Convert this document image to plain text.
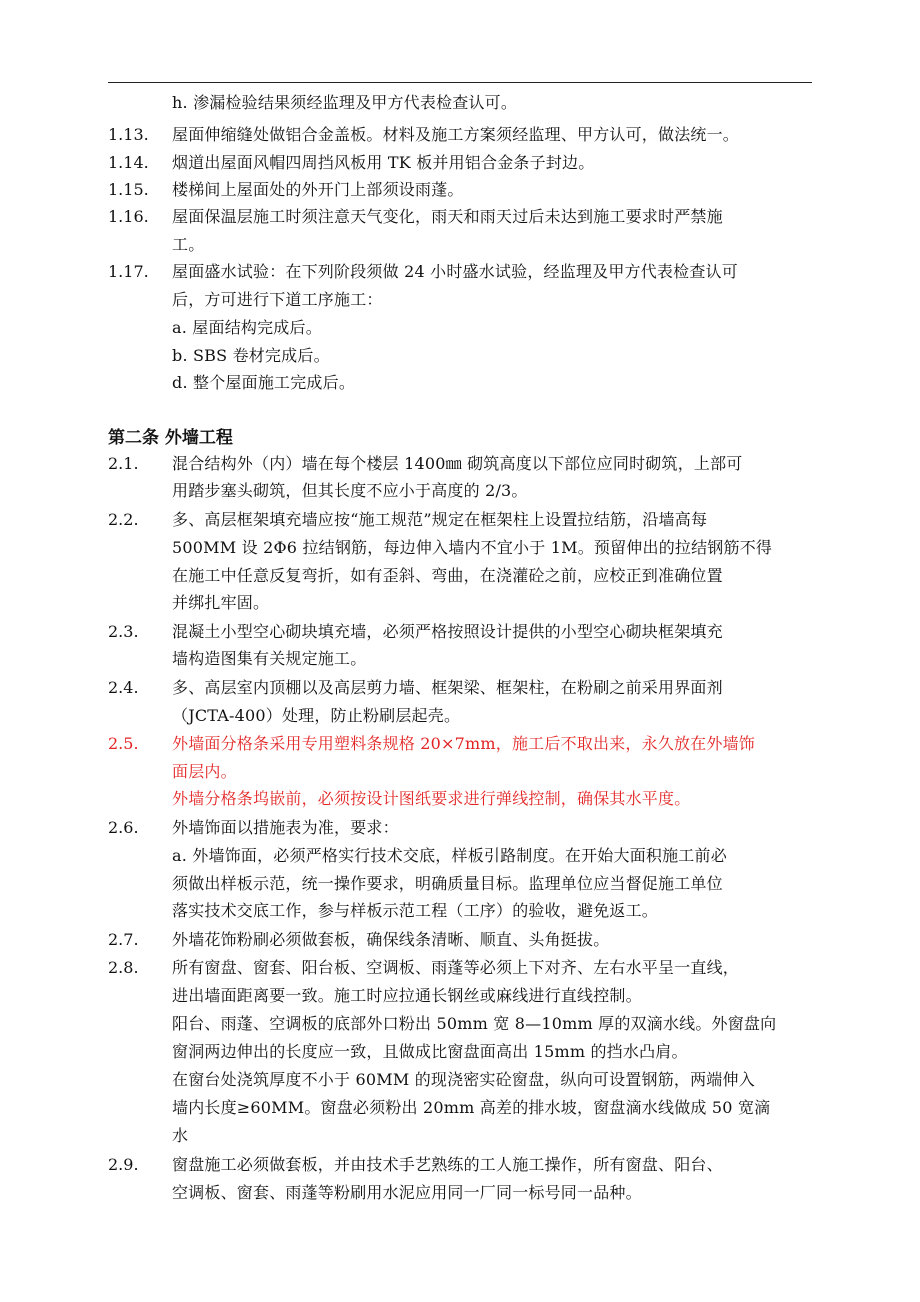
h. 渗漏检验结果须经监理及甲方代表检查认可。
1.13. 屋面伸缩缝处做铝合金盖板。材料及施工方案须经监理、甲方认可，做法统一。
1.14. 烟道出屋面风帽四周挡风板用 TK 板并用铝合金条子封边。
1.15. 楼梯间上屋面处的外开门上部须设雨蓬。
1.16. 屋面保温层施工时须注意天气变化，雨天和雨天过后未达到施工要求时严禁施
工。
1.17. 屋面盛水试验：在下列阶段须做 24 小时盛水试验，经监理及甲方代表检查认可
后，方可进行下道工序施工：
a. 屋面结构完成后。
b. SBS 卷材完成后。
d. 整个屋面施工完成后。
第二条 外墙工程
2.1. 混合结构外（内）墙在每个楼层 1400㎜ 砌筑高度以下部位应同时砌筑，上部可
用踏步塞头砌筑，但其长度不应小于高度的 2/3。
2.2. 多、高层框架填充墙应按“施工规范”规定在框架柱上设置拉结筋，沿墙高每
500MM 设 2Φ6 拉结钢筋，每边伸入墙内不宜小于 1M。预留伸出的拉结钢筋不得
在施工中任意反复弯折，如有歪斜、弯曲，在浇灌砼之前，应校正到准确位置
并绑扎牢固。
2.3. 混凝土小型空心砌块填充墙，必须严格按照设计提供的小型空心砌块框架填充
墙构造图集有关规定施工。
2.4. 多、高层室内顶棚以及高层剪力墙、框架梁、框架柱，在粉刷之前采用界面剂
（JCTA-400）处理，防止粉刷层起壳。
2.5. 外墙面分格条采用专用塑料条规格 20×7mm，施工后不取出来，永久放在外墙饰
面层内。
外墙分格条坞嵌前，必须按设计图纸要求进行弹线控制，确保其水平度。
2.6. 外墙饰面以措施表为准，要求：
a. 外墙饰面，必须严格实行技术交底，样板引路制度。在开始大面积施工前必
须做出样板示范，统一操作要求，明确质量目标。监理单位应当督促施工单位
落实技术交底工作，参与样板示范工程（工序）的验收，避免返工。
2.7. 外墙花饰粉刷必须做套板，确保线条清晰、顺直、头角挺拔。
2.8. 所有窗盘、窗套、阳台板、空调板、雨蓬等必须上下对齐、左右水平呈一直线，
进出墙面距离要一致。施工时应拉通长钢丝或麻线进行直线控制。
阳台、雨蓬、空调板的底部外口粉出 50mm 宽 8—10mm 厚的双滴水线。外窗盘向
窗洞两边伸出的长度应一致，且做成比窗盘面高出 15mm 的挡水凸肩。
在窗台处浇筑厚度不小于 60MM 的现浇密实砼窗盘，纵向可设置钢筋，两端伸入
墙内长度≥60MM。窗盘必须粉出 20mm 高差的排水坡，窗盘滴水线做成 50 宽滴
水
2.9. 窗盘施工必须做套板，并由技术手艺熟练的工人施工操作，所有窗盘、阳台、
空调板、窗套、雨蓬等粉刷用水泥应用同一厂同一标号同一品种。
